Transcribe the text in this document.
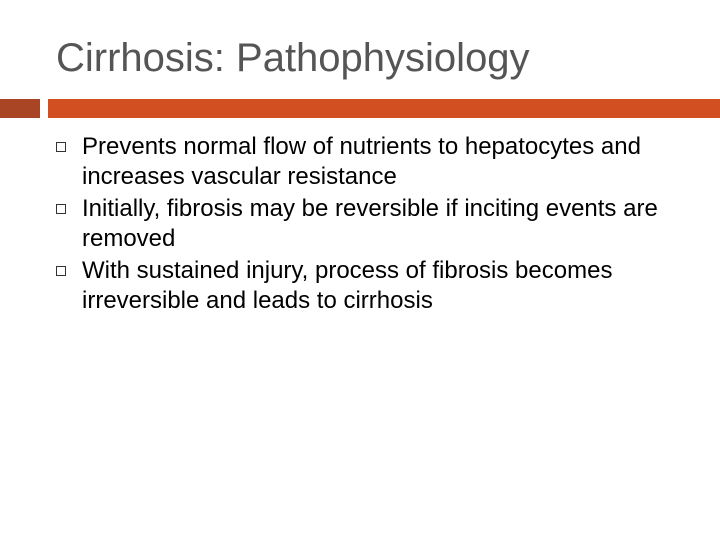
Cirrhosis: Pathophysiology
Prevents normal flow of nutrients to hepatocytes and increases vascular resistance
Initially, fibrosis may be reversible if inciting events are removed
With sustained injury, process of fibrosis becomes irreversible and leads to cirrhosis
